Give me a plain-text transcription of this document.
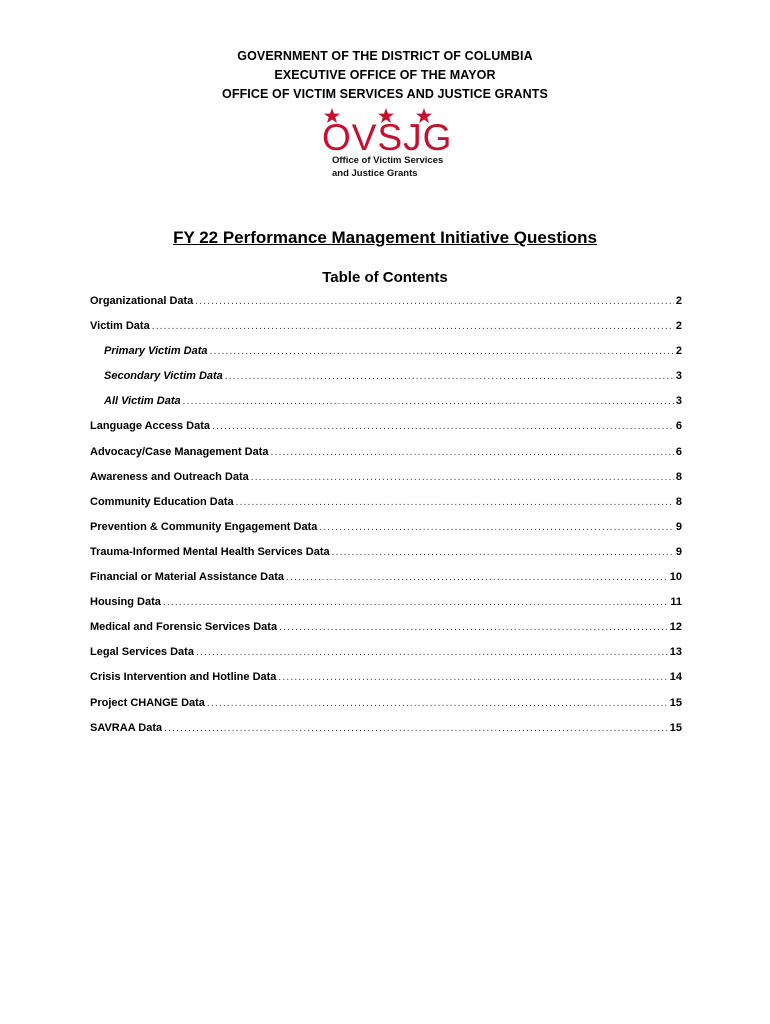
GOVERNMENT OF THE DISTRICT OF COLUMBIA
EXECUTIVE OFFICE OF THE MAYOR
OFFICE OF VICTIM SERVICES AND JUSTICE GRANTS
OVSJG
Office of Victim Services
and Justice Grants
FY 22 Performance Management Initiative Questions
Table of Contents
Organizational Data .....	2
Victim Data .....	2
Primary Victim Data .....	2
Secondary Victim Data .....	3
All Victim Data .....	3
Language Access Data .....	6
Advocacy/Case Management Data .....	6
Awareness and Outreach Data .....	8
Community Education Data .....	8
Prevention & Community Engagement Data .....	9
Trauma-Informed Mental Health Services Data .....	9
Financial or Material Assistance Data .....	10
Housing Data .....	11
Medical and Forensic Services Data .....	12
Legal Services Data .....	13
Crisis Intervention and Hotline Data .....	14
Project CHANGE Data .....	15
SAVRAA Data .....	15
